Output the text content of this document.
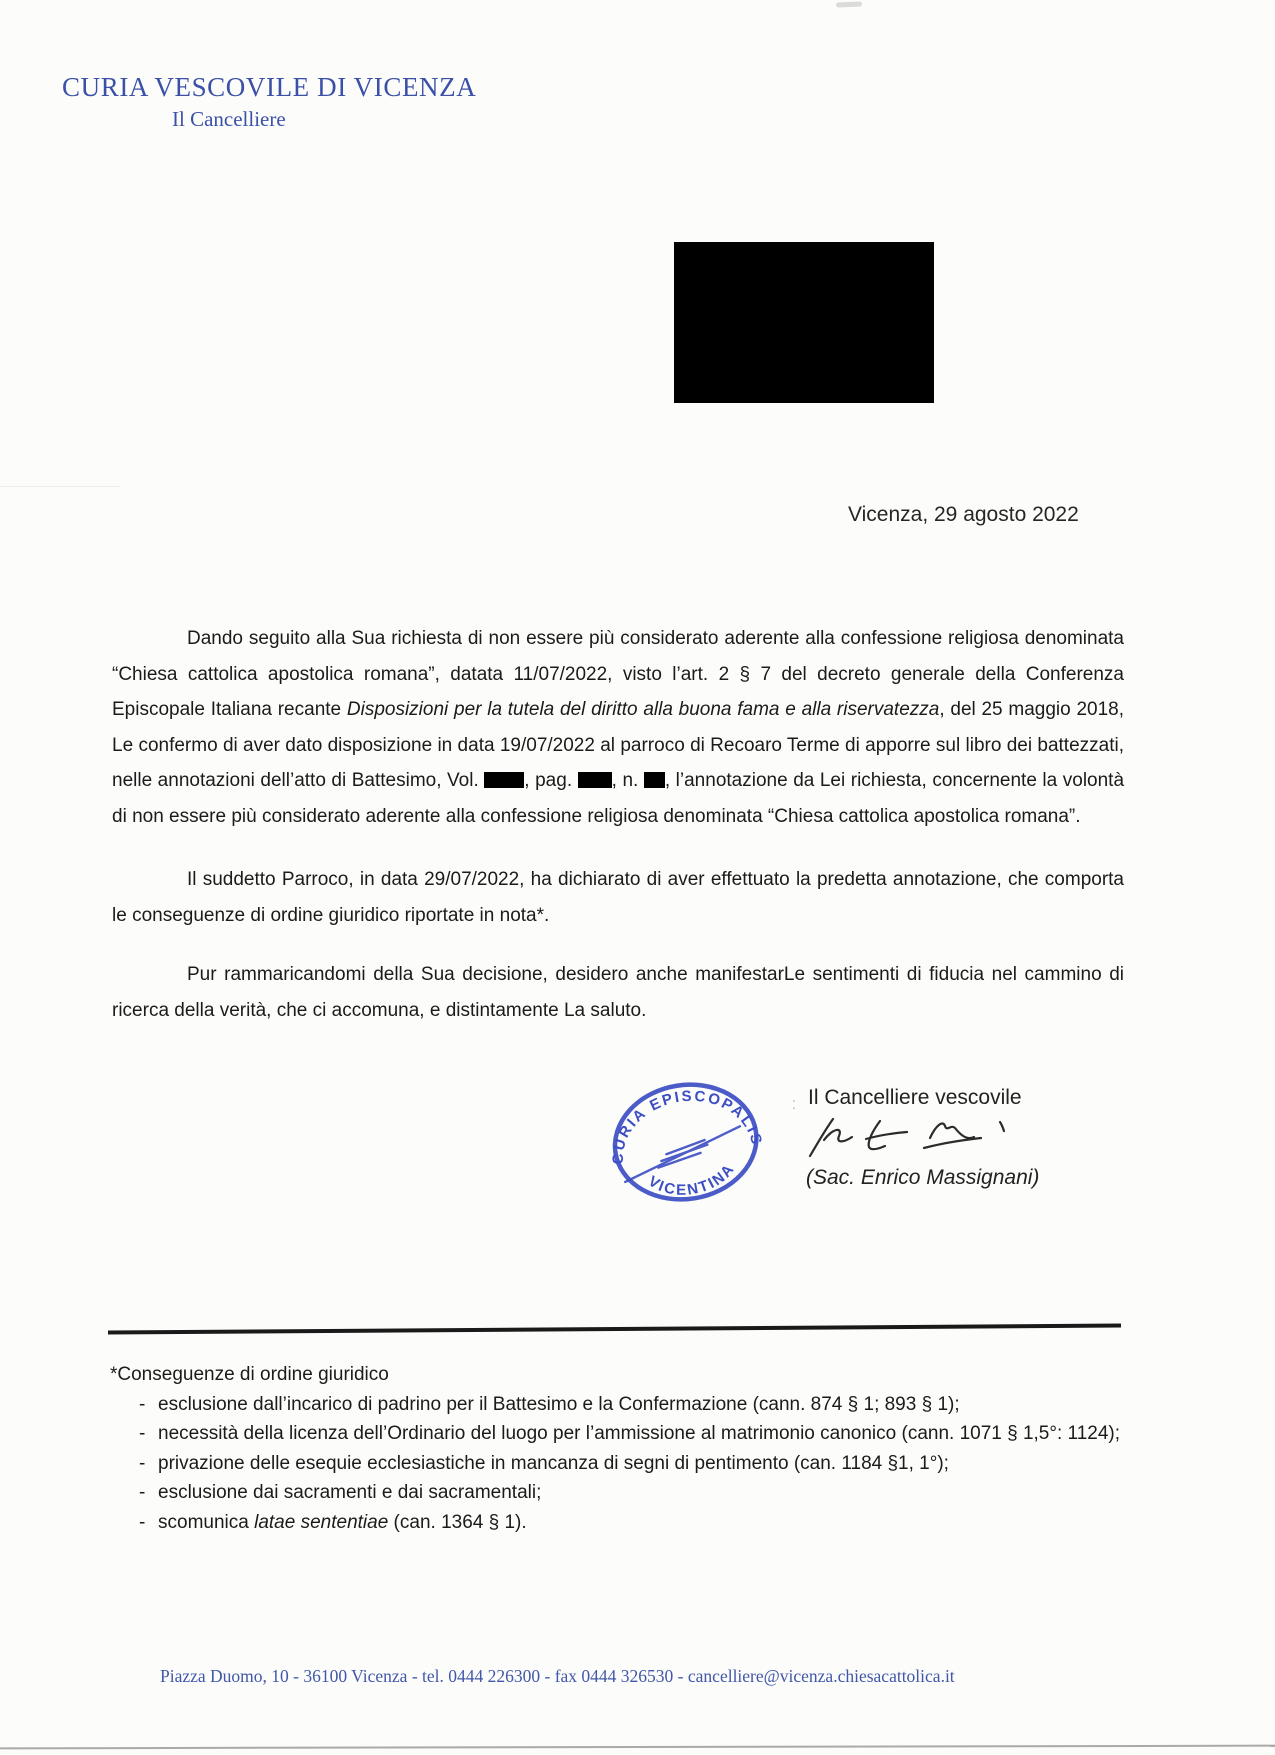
CURIA VESCOVILE DI VICENZA
Il Cancelliere
Vicenza, 29 agosto 2022

Dando seguito alla Sua richiesta di non essere più considerato aderente alla confessione religiosa denominata “Chiesa cattolica apostolica romana”, datata 11/07/2022, visto l’art. 2 § 7 del decreto generale della Conferenza Episcopale Italiana recante Disposizioni per la tutela del diritto alla buona fama e alla riservatezza, del 25 maggio 2018, Le confermo di aver dato disposizione in data 19/07/2022 al parroco di Recoaro Terme di apporre sul libro dei battezzati, nelle annotazioni dell’atto di Battesimo, Vol. , pag. , n. , l’annotazione da Lei richiesta, concernente la volontà di non essere più considerato aderente alla confessione religiosa denominata “Chiesa cattolica apostolica romana”.

Il suddetto Parroco, in data 29/07/2022, ha dichiarato di aver effettuato la predetta annotazione, che comporta le conseguenze di ordine giuridico riportate in nota*.

Pur rammaricandomi della Sua decisione, desidero anche manifestarLe sentimenti di fiducia nel cammino di ricerca della verità, che ci accomuna, e distintamente La saluto.

CURIA EPISCOPALIS
VICENTINA
⁚ Il Cancelliere vescovile
(Sac. Enrico Massignani)

*Conseguenze di ordine giuridico

- esclusione dall’incarico di padrino per il Battesimo e la Confermazione (cann. 874 § 1; 893 § 1);
- necessità della licenza dell’Ordinario del luogo per l’ammissione al matrimonio canonico (cann. 1071 § 1,5°: 1124);
- privazione delle esequie ecclesiastiche in mancanza di segni di pentimento (can. 1184 §1, 1°);
- esclusione dai sacramenti e dai sacramentali;
- scomunica latae sententiae (can. 1364 § 1).
Piazza Duomo, 10 - 36100 Vicenza - tel. 0444 226300 - fax 0444 326530 - cancelliere@vicenza.chiesacattolica.it
